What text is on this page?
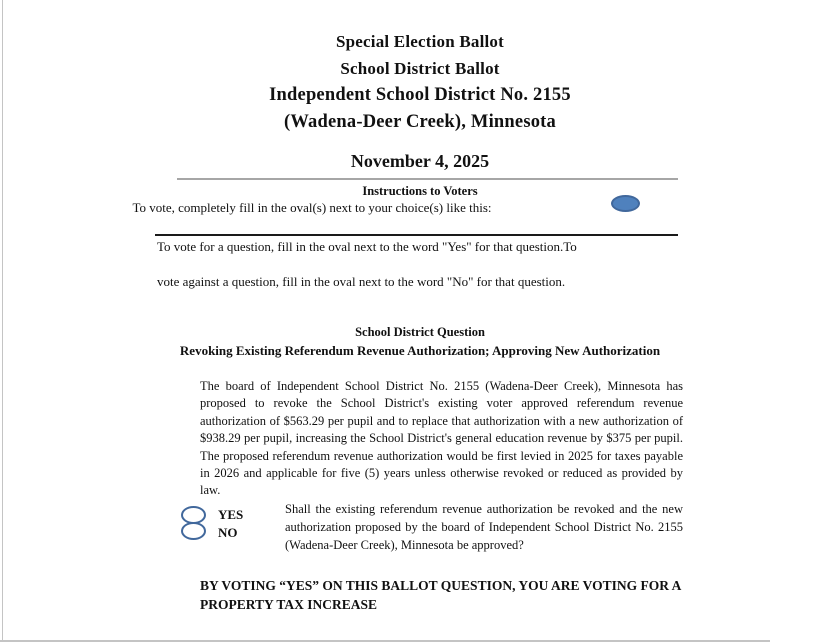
Special Election Ballot
School District Ballot
Independent School District No. 2155
(Wadena-Deer Creek), Minnesota
November 4, 2025
Instructions to Voters
To vote, completely fill in the oval(s) next to your choice(s) like this:
To vote for a question, fill in the oval next to the word "Yes" for that question.To
vote against a question, fill in the oval next to the word "No" for that question.
School District Question
Revoking Existing Referendum Revenue Authorization; Approving New Authorization
The board of Independent School District No. 2155 (Wadena-Deer Creek), Minnesota has proposed to revoke the School District's existing voter approved referendum revenue authorization of $563.29 per pupil and to replace that authorization with a new authorization of $938.29 per pupil, increasing the School District's general education revenue by $375 per pupil. The proposed referendum revenue authorization would be first levied in 2025 for taxes payable in 2026 and applicable for five (5) years unless otherwise revoked or reduced as provided by law.
YES
NO
Shall the existing referendum revenue authorization be revoked and the new authorization proposed by the board of Independent School District No. 2155 (Wadena-Deer Creek), Minnesota be approved?
BY VOTING “YES” ON THIS BALLOT QUESTION, YOU ARE VOTING FOR A PROPERTY TAX INCREASE
